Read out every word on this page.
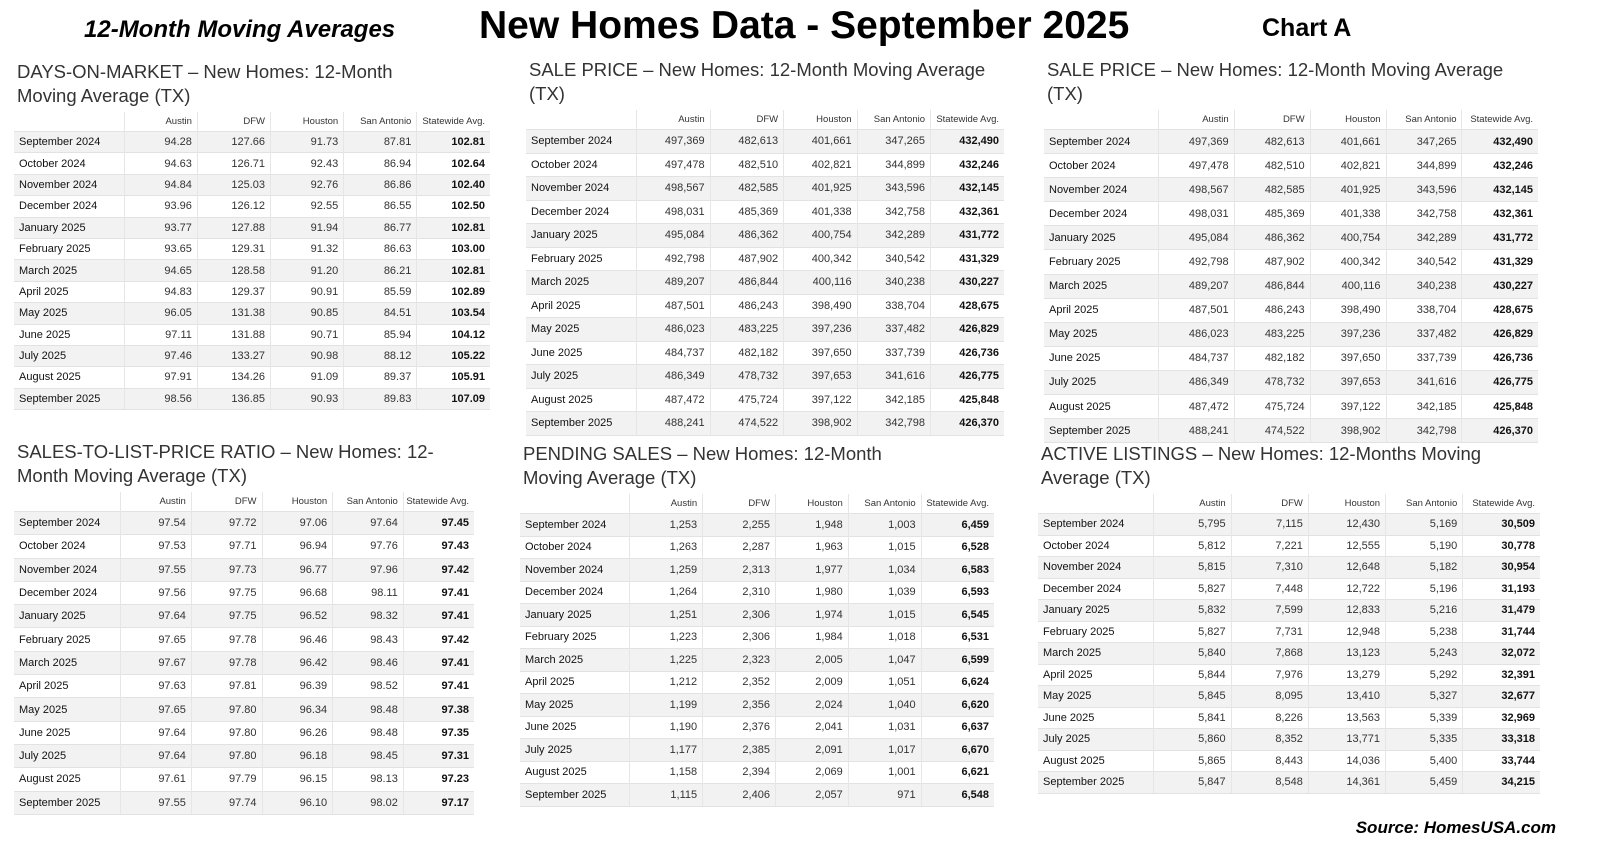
12-Month Moving Averages New Homes Data - September 2025	Chart A
DAYS-ON-MARKET – New Homes: 12-Month Moving Average (TX)
	Austin	DFW	Houston	San Antonio	Statewide Avg.
September 2024	94.28	127.66	91.73	87.81	102.81
October 2024	94.63	126.71	92.43	86.94	102.64
November 2024	94.84	125.03	92.76	86.86	102.40
December 2024	93.96	126.12	92.55	86.55	102.50
January 2025	93.77	127.88	91.94	86.77	102.81
February 2025	93.65	129.31	91.32	86.63	103.00
March 2025	94.65	128.58	91.20	86.21	102.81
April 2025	94.83	129.37	90.91	85.59	102.89
May 2025	96.05	131.38	90.85	84.51	103.54
June 2025	97.11	131.88	90.71	85.94	104.12
July 2025	97.46	133.27	90.98	88.12	105.22
August 2025	97.91	134.26	91.09	89.37	105.91
September 2025	98.56	136.85	90.93	89.83	107.09
SALE PRICE – New Homes: 12-Month Moving Average (TX)
	Austin	DFW	Houston	San Antonio	Statewide Avg.
September 2024	497,369	482,613	401,661	347,265	432,490
October 2024	497,478	482,510	402,821	344,899	432,246
November 2024	498,567	482,585	401,925	343,596	432,145
December 2024	498,031	485,369	401,338	342,758	432,361
January 2025	495,084	486,362	400,754	342,289	431,772
February 2025	492,798	487,902	400,342	340,542	431,329
March 2025	489,207	486,844	400,116	340,238	430,227
April 2025	487,501	486,243	398,490	338,704	428,675
May 2025	486,023	483,225	397,236	337,482	426,829
June 2025	484,737	482,182	397,650	337,739	426,736
July 2025	486,349	478,732	397,653	341,616	426,775
August 2025	487,472	475,724	397,122	342,185	425,848
September 2025	488,241	474,522	398,902	342,798	426,370
SALE PRICE – New Homes: 12-Month Moving Average (TX)
	Austin	DFW	Houston	San Antonio	Statewide Avg.
September 2024	497,369	482,613	401,661	347,265	432,490
October 2024	497,478	482,510	402,821	344,899	432,246
November 2024	498,567	482,585	401,925	343,596	432,145
December 2024	498,031	485,369	401,338	342,758	432,361
January 2025	495,084	486,362	400,754	342,289	431,772
February 2025	492,798	487,902	400,342	340,542	431,329
March 2025	489,207	486,844	400,116	340,238	430,227
April 2025	487,501	486,243	398,490	338,704	428,675
May 2025	486,023	483,225	397,236	337,482	426,829
June 2025	484,737	482,182	397,650	337,739	426,736
July 2025	486,349	478,732	397,653	341,616	426,775
August 2025	487,472	475,724	397,122	342,185	425,848
September 2025	488,241	474,522	398,902	342,798	426,370
SALES-TO-LIST-PRICE RATIO – New Homes: 12-Month Moving Average (TX)
	Austin	DFW	Houston	San Antonio	Statewide Avg.
September 2024	97.54	97.72	97.06	97.64	97.45
October 2024	97.53	97.71	96.94	97.76	97.43
November 2024	97.55	97.73	96.77	97.96	97.42
December 2024	97.56	97.75	96.68	98.11	97.41
January 2025	97.64	97.75	96.52	98.32	97.41
February 2025	97.65	97.78	96.46	98.43	97.42
March 2025	97.67	97.78	96.42	98.46	97.41
April 2025	97.63	97.81	96.39	98.52	97.41
May 2025	97.65	97.80	96.34	98.48	97.38
June 2025	97.64	97.80	96.26	98.48	97.35
July 2025	97.64	97.80	96.18	98.45	97.31
August 2025	97.61	97.79	96.15	98.13	97.23
September 2025	97.55	97.74	96.10	98.02	97.17
PENDING SALES – New Homes: 12-Month Moving Average (TX)
	Austin	DFW	Houston	San Antonio	Statewide Avg.
September 2024	1,253	2,255	1,948	1,003	6,459
October 2024	1,263	2,287	1,963	1,015	6,528
November 2024	1,259	2,313	1,977	1,034	6,583
December 2024	1,264	2,310	1,980	1,039	6,593
January 2025	1,251	2,306	1,974	1,015	6,545
February 2025	1,223	2,306	1,984	1,018	6,531
March 2025	1,225	2,323	2,005	1,047	6,599
April 2025	1,212	2,352	2,009	1,051	6,624
May 2025	1,199	2,356	2,024	1,040	6,620
June 2025	1,190	2,376	2,041	1,031	6,637
July 2025	1,177	2,385	2,091	1,017	6,670
August 2025	1,158	2,394	2,069	1,001	6,621
September 2025	1,115	2,406	2,057	971	6,548
ACTIVE LISTINGS – New Homes: 12-Months Moving Average (TX)
	Austin	DFW	Houston	San Antonio	Statewide Avg.
September 2024	5,795	7,115	12,430	5,169	30,509
October 2024	5,812	7,221	12,555	5,190	30,778
November 2024	5,815	7,310	12,648	5,182	30,954
December 2024	5,827	7,448	12,722	5,196	31,193
January 2025	5,832	7,599	12,833	5,216	31,479
February 2025	5,827	7,731	12,948	5,238	31,744
March 2025	5,840	7,868	13,123	5,243	32,072
April 2025	5,844	7,976	13,279	5,292	32,391
May 2025	5,845	8,095	13,410	5,327	32,677
June 2025	5,841	8,226	13,563	5,339	32,969
July 2025	5,860	8,352	13,771	5,335	33,318
August 2025	5,865	8,443	14,036	5,400	33,744
September 2025	5,847	8,548	14,361	5,459	34,215
Source: HomesUSA.com
